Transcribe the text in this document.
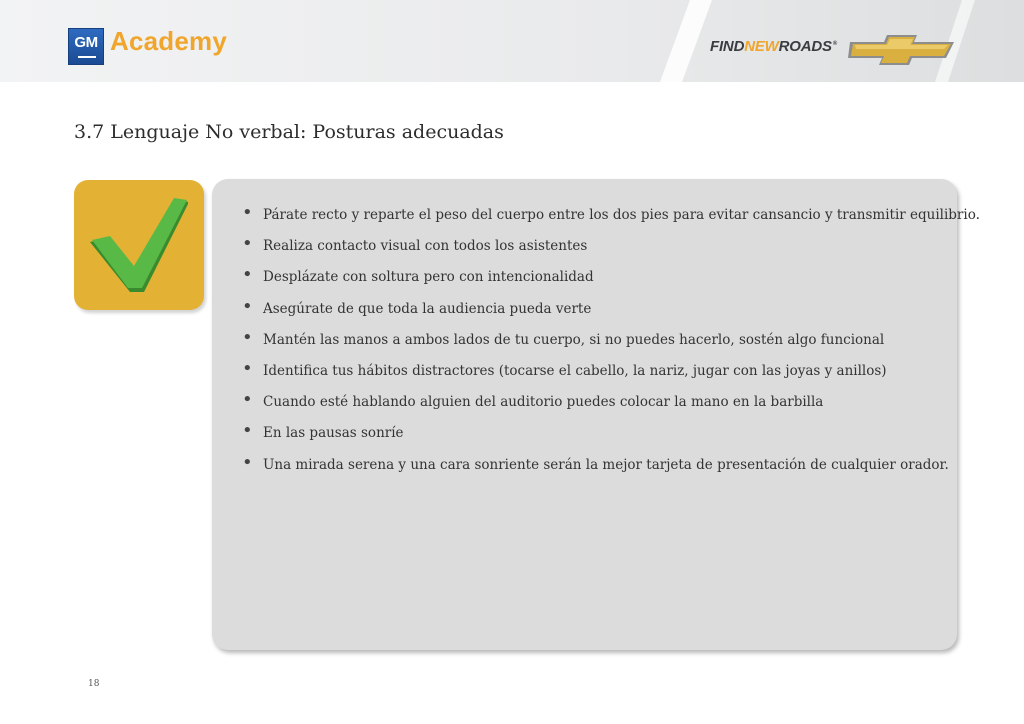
GM Academy	FINDNEWROADS®
3.7 Lenguaje No verbal: Posturas adecuadas
• Párate recto y reparte el peso del cuerpo entre los dos pies para evitar cansancio y transmitir equilibrio.
• Realiza contacto visual con todos los asistentes
• Desplázate con soltura pero con intencionalidad
• Asegúrate de que toda la audiencia pueda verte
• Mantén las manos a ambos lados de tu cuerpo, si no puedes hacerlo, sostén algo funcional
• Identifica tus hábitos distractores (tocarse el cabello, la nariz, jugar con las joyas y anillos)
• Cuando esté hablando alguien del auditorio puedes colocar la mano en la barbilla
• En las pausas sonríe
• Una mirada serena y una cara sonriente serán la mejor tarjeta de presentación de cualquier orador.
18
